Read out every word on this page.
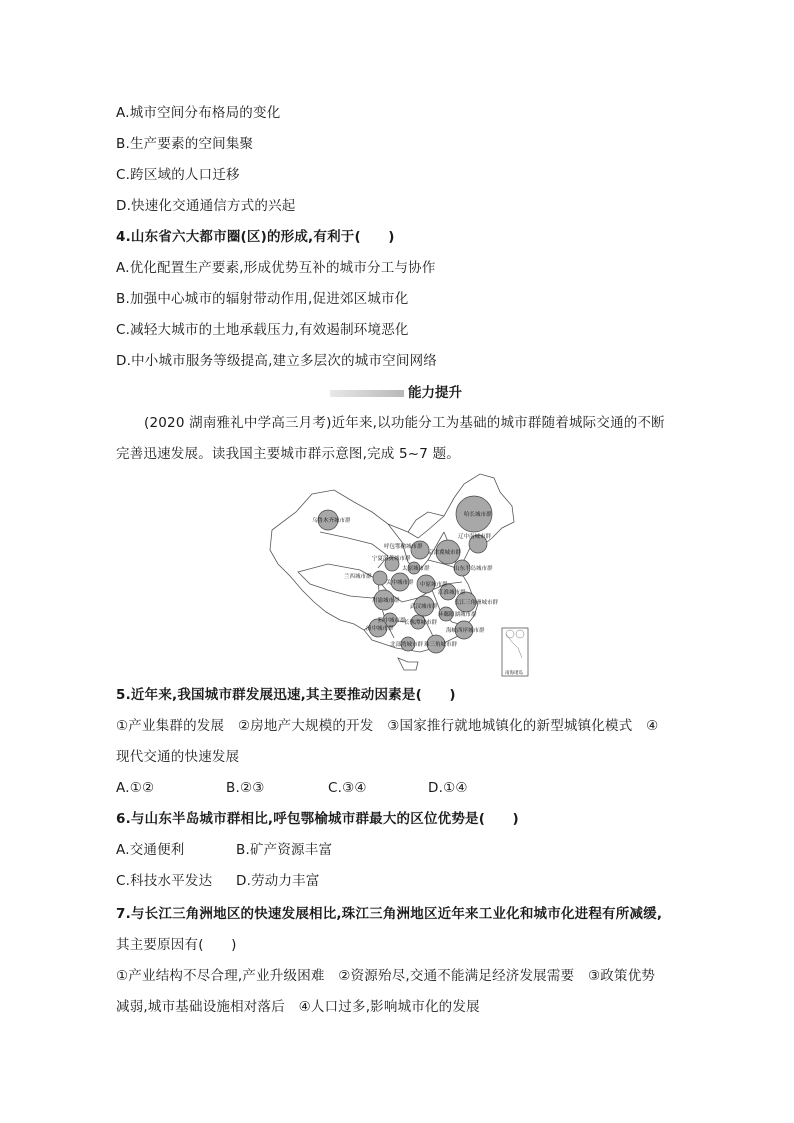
A.城市空间分布格局的变化
B.生产要素的空间集聚
C.跨区域的人口迁移
D.快速化交通通信方式的兴起
4.山东省六大都市圈(区)的形成,有利于(　　)
A.优化配置生产要素,形成优势互补的城市分工与协作
B.加强中心城市的辐射带动作用,促进郊区城市化
C.减轻大城市的土地承载压力,有效遏制环境恶化
D.中小城市服务等级提高,建立多层次的城市空间网络
能力提升
(2020 湖南雅礼中学高三月考)近年来,以功能分工为基础的城市群随着城际交通的不断
完善迅速发展。读我国主要城市群示意图,完成 5~7 题。
乌鲁木齐城市群
哈长城市群
辽中南城市群
呼包鄂榆城市群
京津冀城市群
宁夏沿黄城市群
太原城市群	山东半岛城市群
兰西城市群
关中城市群 中原城市群
江淮城市群
川渝城市群	长江三角洲城市群
武汉城市群
环鄱阳湖城市群
黔中城市群
长株潭城市群
海峡西岸城市群
滇中城市群
北部湾城市群 珠三角城市群
南海诸岛
5.近年来,我国城市群发展迅速,其主要推动因素是(　　)
①产业集群的发展　②房地产大规模的开发　③国家推行就地城镇化的新型城镇化模式　④
现代交通的快速发展
A.①②	B.②③	C.③④	D.①④
6.与山东半岛城市群相比,呼包鄂榆城市群最大的区位优势是(　　)
A.交通便利	B.矿产资源丰富
C.科技水平发达 D.劳动力丰富
7.与长江三角洲地区的快速发展相比,珠江三角洲地区近年来工业化和城市化进程有所减缓,
其主要原因有(　　)
①产业结构不尽合理,产业升级困难　②资源殆尽,交通不能满足经济发展需要　③政策优势
减弱,城市基础设施相对落后　④人口过多,影响城市化的发展
